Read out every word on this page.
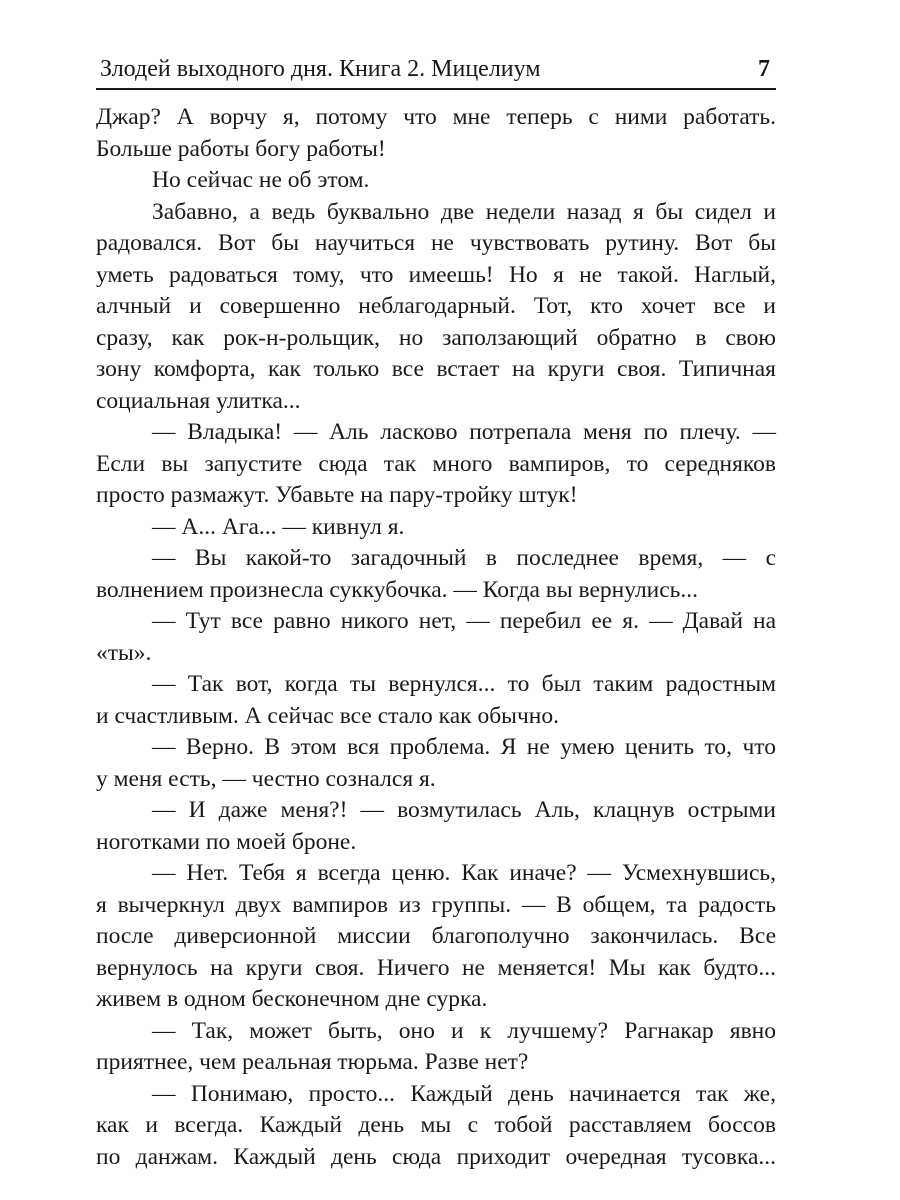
Злодей выходного дня. Книга 2. Мицелиум	7
Джар? А ворчу я, потому что мне теперь с ними работать.
Больше работы богу работы!
Но сейчас не об этом.
Забавно, а ведь буквально две недели назад я бы сидел и
радовался. Вот бы научиться не чувствовать рутину. Вот бы
уметь радоваться тому, что имеешь! Но я не такой. Наглый,
алчный и совершенно неблагодарный. Тот, кто хочет все и
сразу, как рок-н-рольщик, но заползающий обратно в свою
зону комфорта, как только все встает на круги своя. Типичная
социальная улитка...
— Владыка! — Аль ласково потрепала меня по плечу. —
Если вы запустите сюда так много вампиров, то середняков
просто размажут. Убавьте на пару-тройку штук!
— А... Ага... — кивнул я.
— Вы какой-то загадочный в последнее время, — с
волнением произнесла суккубочка. — Когда вы вернулись...
— Тут все равно никого нет, — перебил ее я. — Давай на
«ты».
— Так вот, когда ты вернулся... то был таким радостным
и счастливым. А сейчас все стало как обычно.
— Верно. В этом вся проблема. Я не умею ценить то, что
у меня есть, — честно сознался я.
— И даже меня?! — возмутилась Аль, клацнув острыми
ноготками по моей броне.
— Нет. Тебя я всегда ценю. Как иначе? — Усмехнувшись,
я вычеркнул двух вампиров из группы. — В общем, та радость
после диверсионной миссии благополучно закончилась. Все
вернулось на круги своя. Ничего не меняется! Мы как будто...
живем в одном бесконечном дне сурка.
— Так, может быть, оно и к лучшему? Рагнакар явно
приятнее, чем реальная тюрьма. Разве нет?
— Понимаю, просто... Каждый день начинается так же,
как и всегда. Каждый день мы с тобой расставляем боссов
по данжам. Каждый день сюда приходит очередная тусовка...
